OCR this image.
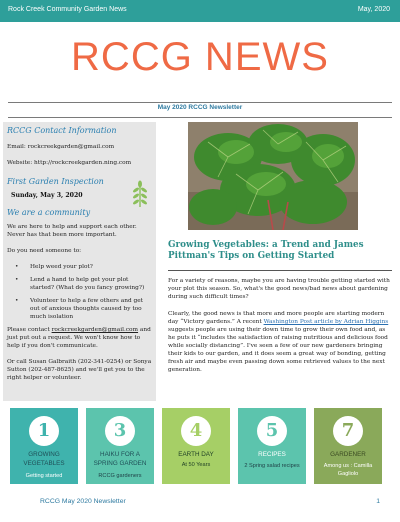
Rock Creek Community Garden News	May, 2020
RCCG NEWS
May 2020 RCCG Newsletter
RCCG Contact Information
Email: rockcreekgarden@gmail.com
Website: http://rockcreekgarden.ning.com
First Garden Inspection
Sunday, May 3, 2020
We are a community
We are here to help and support each other.
Never has that been more important.
Do you need someone to:
• Help weed your plot?
• Lend a hand to help get your plot started? (What do you fancy growing?)
• Volunteer to help a few others and get out of anxious thoughts caused by too much isolation
Please contact rockcreekgarden@gmail.com and just put out a request. We won't know how to help if you don't communicate.
Or call Susan Galbraith (202-341-0254) or Sonya Sutton (202-487-8625) and we'll get you to the right helper or volunteer.
Growing Vegetables: a Trend and James Pittman's Tips on Getting Started
For a variety of reasons, maybe you are having trouble getting started with your plot this season. So, what's the good news/bad news about gardening during such difficult times?
Clearly, the good news is that more and more people are starting modern day “Victory gardens.” A recent Washington Post article by Adrian Higgins suggests people are using their down time to grow their own food and, as he puts it “includes the satisfaction of raising nutritious and delicious food while socially distancing”. I've seen a few of our new gardeners bringing their kids to our garden, and it does seem a great way of bonding, getting fresh air and maybe even passing down some retrieved values to the next generation.
1
GROWING VEGETABLES
Getting started
3
HAIKU FOR A SPRING GARDEN
RCCG gardeners
4
EARTH DAY
At 50 Years
5
RECIPES
2 Spring salad recipes
7
GARDENER
Among us : Camilla Gagliolo
RCCG May 2020 Newsletter	1
